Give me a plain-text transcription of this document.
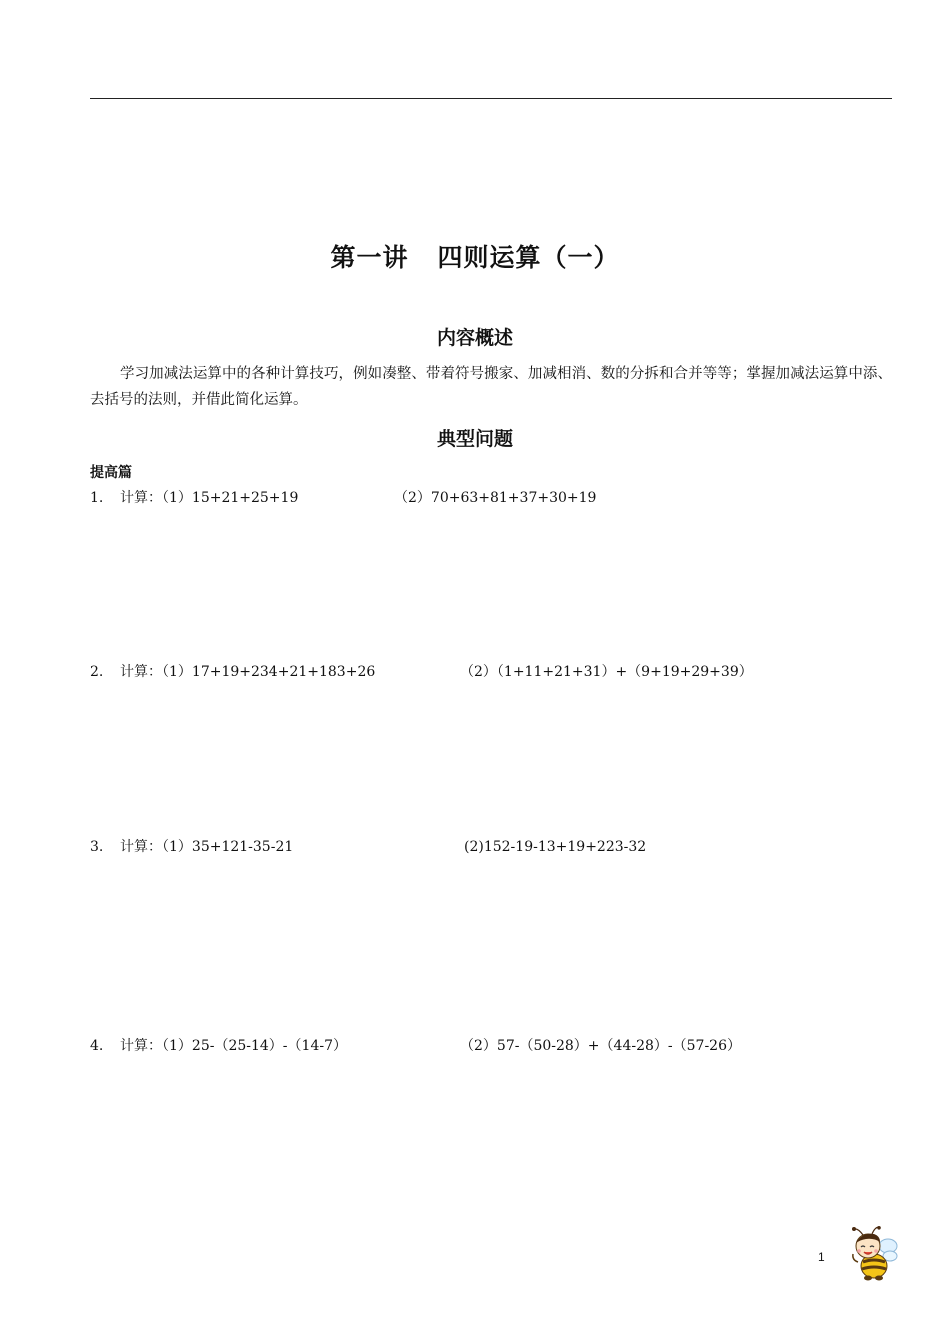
第一讲   四则运算（一）
内容概述
学习加减法运算中的各种计算技巧，例如凑整、带着符号搬家、加减相消、数的分拆和合并等等；掌握加减法运算中添、去括号的法则，并借此简化运算。
典型问题
提高篇
1. 计算：（1）15+21+25+19	（2）70+63+81+37+30+19
2. 计算：（1）17+19+234+21+183+26	（2）（1+11+21+31）+（9+19+29+39）
3. 计算：（1）35+121-35-21	(2)152-19-13+19+223-32
4. 计算：（1）25-（25-14）-（14-7）	（2）57-（50-28）+（44-28）-（57-26）
1
